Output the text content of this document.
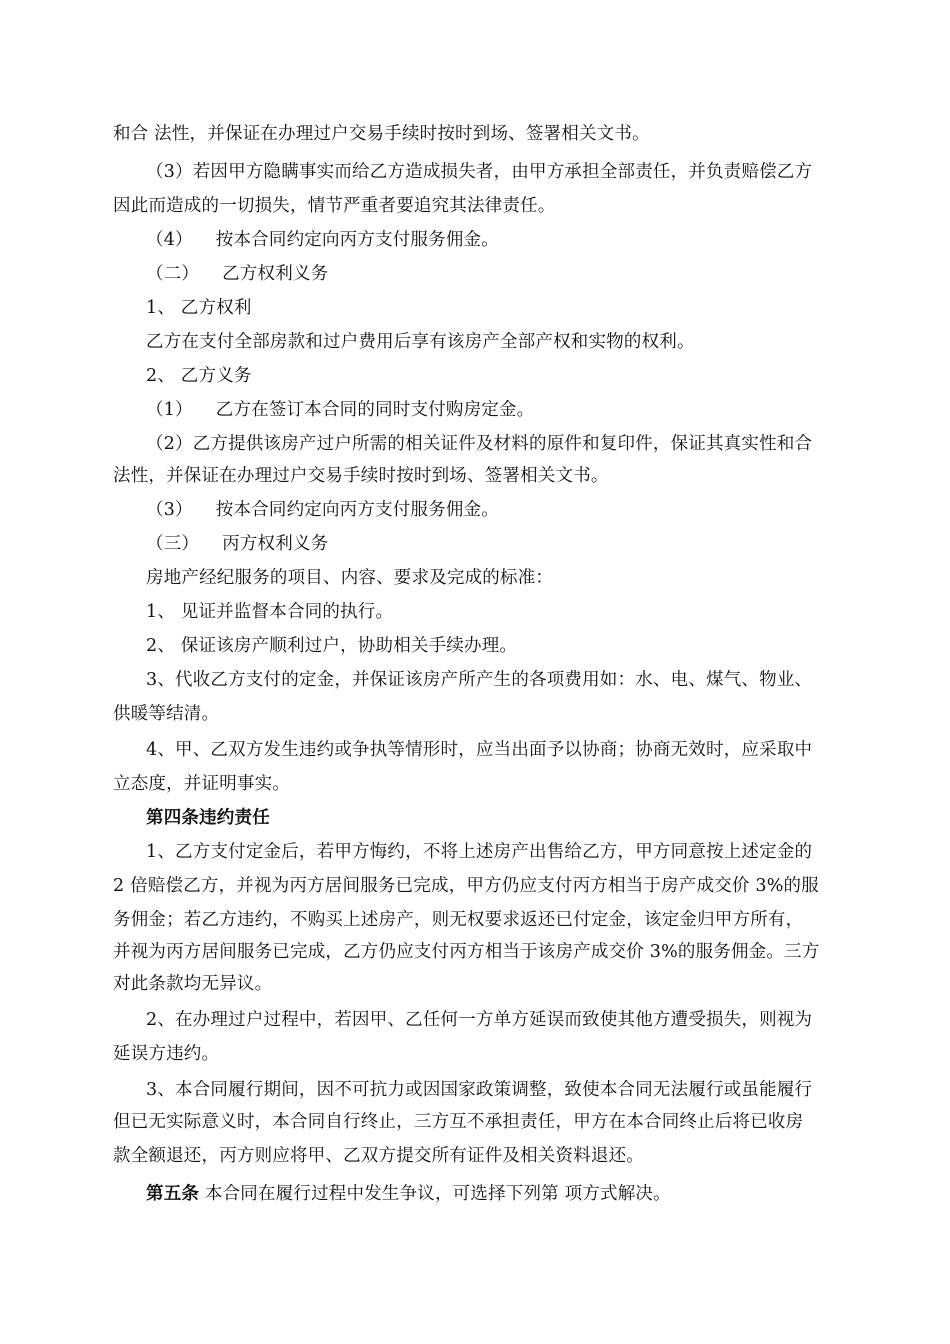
和合 法性，并保证在办理过户交易手续时按时到场、签署相关文书。
（3）若因甲方隐瞒事实而给乙方造成损失者，由甲方承担全部责任，并负责赔偿乙方
因此而造成的一切损失，情节严重者要追究其法律责任。
（4）    按本合同约定向丙方支付服务佣金。
（二）    乙方权利义务
1、 乙方权利
乙方在支付全部房款和过户费用后享有该房产全部产权和实物的权利。
2、 乙方义务
（1）    乙方在签订本合同的同时支付购房定金。
（2）乙方提供该房产过户所需的相关证件及材料的原件和复印件，保证其真实性和合
法性，并保证在办理过户交易手续时按时到场、签署相关文书。
（3）    按本合同约定向丙方支付服务佣金。
（三）    丙方权利义务
房地产经纪服务的项目、内容、要求及完成的标准：
1、 见证并监督本合同的执行。
2、 保证该房产顺利过户，协助相关手续办理。
3、代收乙方支付的定金，并保证该房产所产生的各项费用如：水、电、煤气、物业、
供暖等结清。
4、甲、乙双方发生违约或争执等情形时，应当出面予以协商；协商无效时，应采取中
立态度，并证明事实。
第四条违约责任
1、乙方支付定金后，若甲方悔约，不将上述房产出售给乙方，甲方同意按上述定金的
2 倍赔偿乙方，并视为丙方居间服务已完成，甲方仍应支付丙方相当于房产成交价 3%的服
务佣金；若乙方违约，不购买上述房产，则无权要求返还已付定金，该定金归甲方所有，
并视为丙方居间服务已完成，乙方仍应支付丙方相当于该房产成交价 3%的服务佣金。三方
对此条款均无异议。
2、在办理过户过程中，若因甲、乙任何一方单方延误而致使其他方遭受损失，则视为
延误方违约。
3、本合同履行期间，因不可抗力或因国家政策调整，致使本合同无法履行或虽能履行
但已无实际意义时，本合同自行终止，三方互不承担责任，甲方在本合同终止后将已收房
款全额退还，丙方则应将甲、乙双方提交所有证件及相关资料退还。
第五条 本合同在履行过程中发生争议，可选择下列第 项方式解决。
